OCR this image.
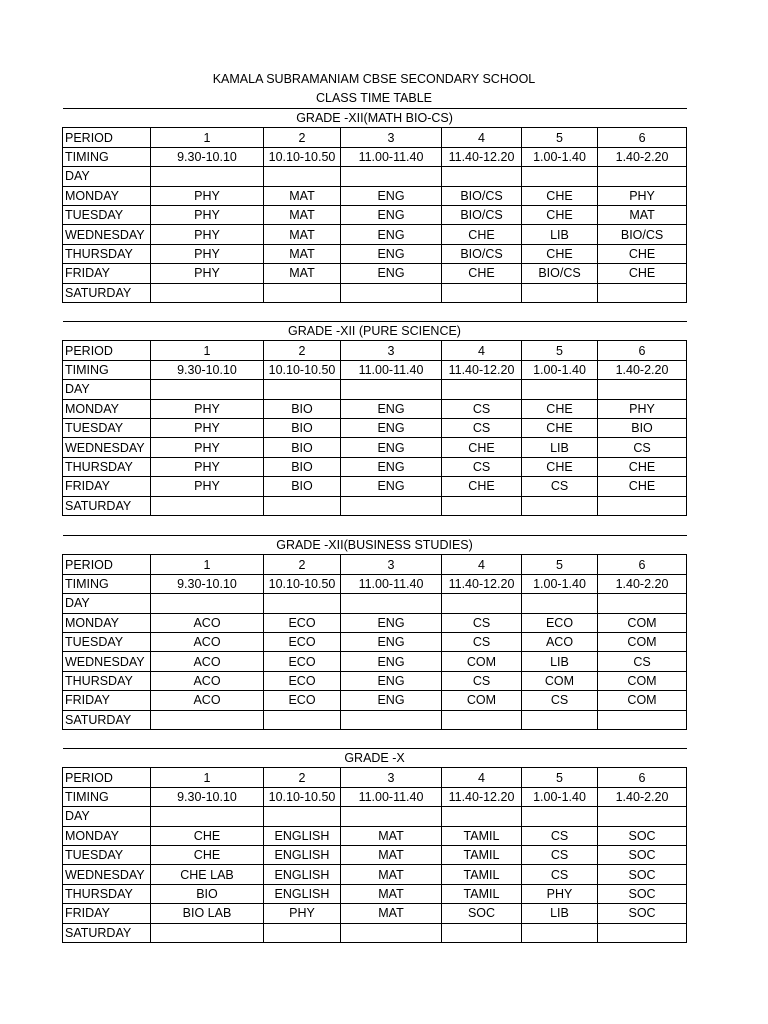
KAMALA SUBRAMANIAM CBSE SECONDARY SCHOOL
CLASS TIME TABLE
GRADE -XII(MATH BIO-CS)						
PERIOD	1	2	3	4	5	6
TIMING	9.30-10.10	10.10-10.50	11.00-11.40	11.40-12.20	1.00-1.40	1.40-2.20
DAY						
MONDAY	PHY	MAT	ENG	BIO/CS	CHE	PHY
TUESDAY	PHY	MAT	ENG	BIO/CS	CHE	MAT
WEDNESDAY	PHY	MAT	ENG	CHE	LIB	BIO/CS
THURSDAY	PHY	MAT	ENG	BIO/CS	CHE	CHE
FRIDAY	PHY	MAT	ENG	CHE	BIO/CS	CHE
SATURDAY						
GRADE -XII (PURE SCIENCE)						
PERIOD	1	2	3	4	5	6
TIMING	9.30-10.10	10.10-10.50	11.00-11.40	11.40-12.20	1.00-1.40	1.40-2.20
DAY						
MONDAY	PHY	BIO	ENG	CS	CHE	PHY
TUESDAY	PHY	BIO	ENG	CS	CHE	BIO
WEDNESDAY	PHY	BIO	ENG	CHE	LIB	CS
THURSDAY	PHY	BIO	ENG	CS	CHE	CHE
FRIDAY	PHY	BIO	ENG	CHE	CS	CHE
SATURDAY						
GRADE -XII(BUSINESS STUDIES)						
PERIOD	1	2	3	4	5	6
TIMING	9.30-10.10	10.10-10.50	11.00-11.40	11.40-12.20	1.00-1.40	1.40-2.20
DAY						
MONDAY	ACO	ECO	ENG	CS	ECO	COM
TUESDAY	ACO	ECO	ENG	CS	ACO	COM
WEDNESDAY	ACO	ECO	ENG	COM	LIB	CS
THURSDAY	ACO	ECO	ENG	CS	COM	COM
FRIDAY	ACO	ECO	ENG	COM	CS	COM
SATURDAY						
GRADE -X						
PERIOD	1	2	3	4	5	6
TIMING	9.30-10.10	10.10-10.50	11.00-11.40	11.40-12.20	1.00-1.40	1.40-2.20
DAY						
MONDAY	CHE	ENGLISH	MAT	TAMIL	CS	SOC
TUESDAY	CHE	ENGLISH	MAT	TAMIL	CS	SOC
WEDNESDAY	CHE LAB	ENGLISH	MAT	TAMIL	CS	SOC
THURSDAY	BIO	ENGLISH	MAT	TAMIL	PHY	SOC
FRIDAY	BIO LAB	PHY	MAT	SOC	LIB	SOC
SATURDAY						
